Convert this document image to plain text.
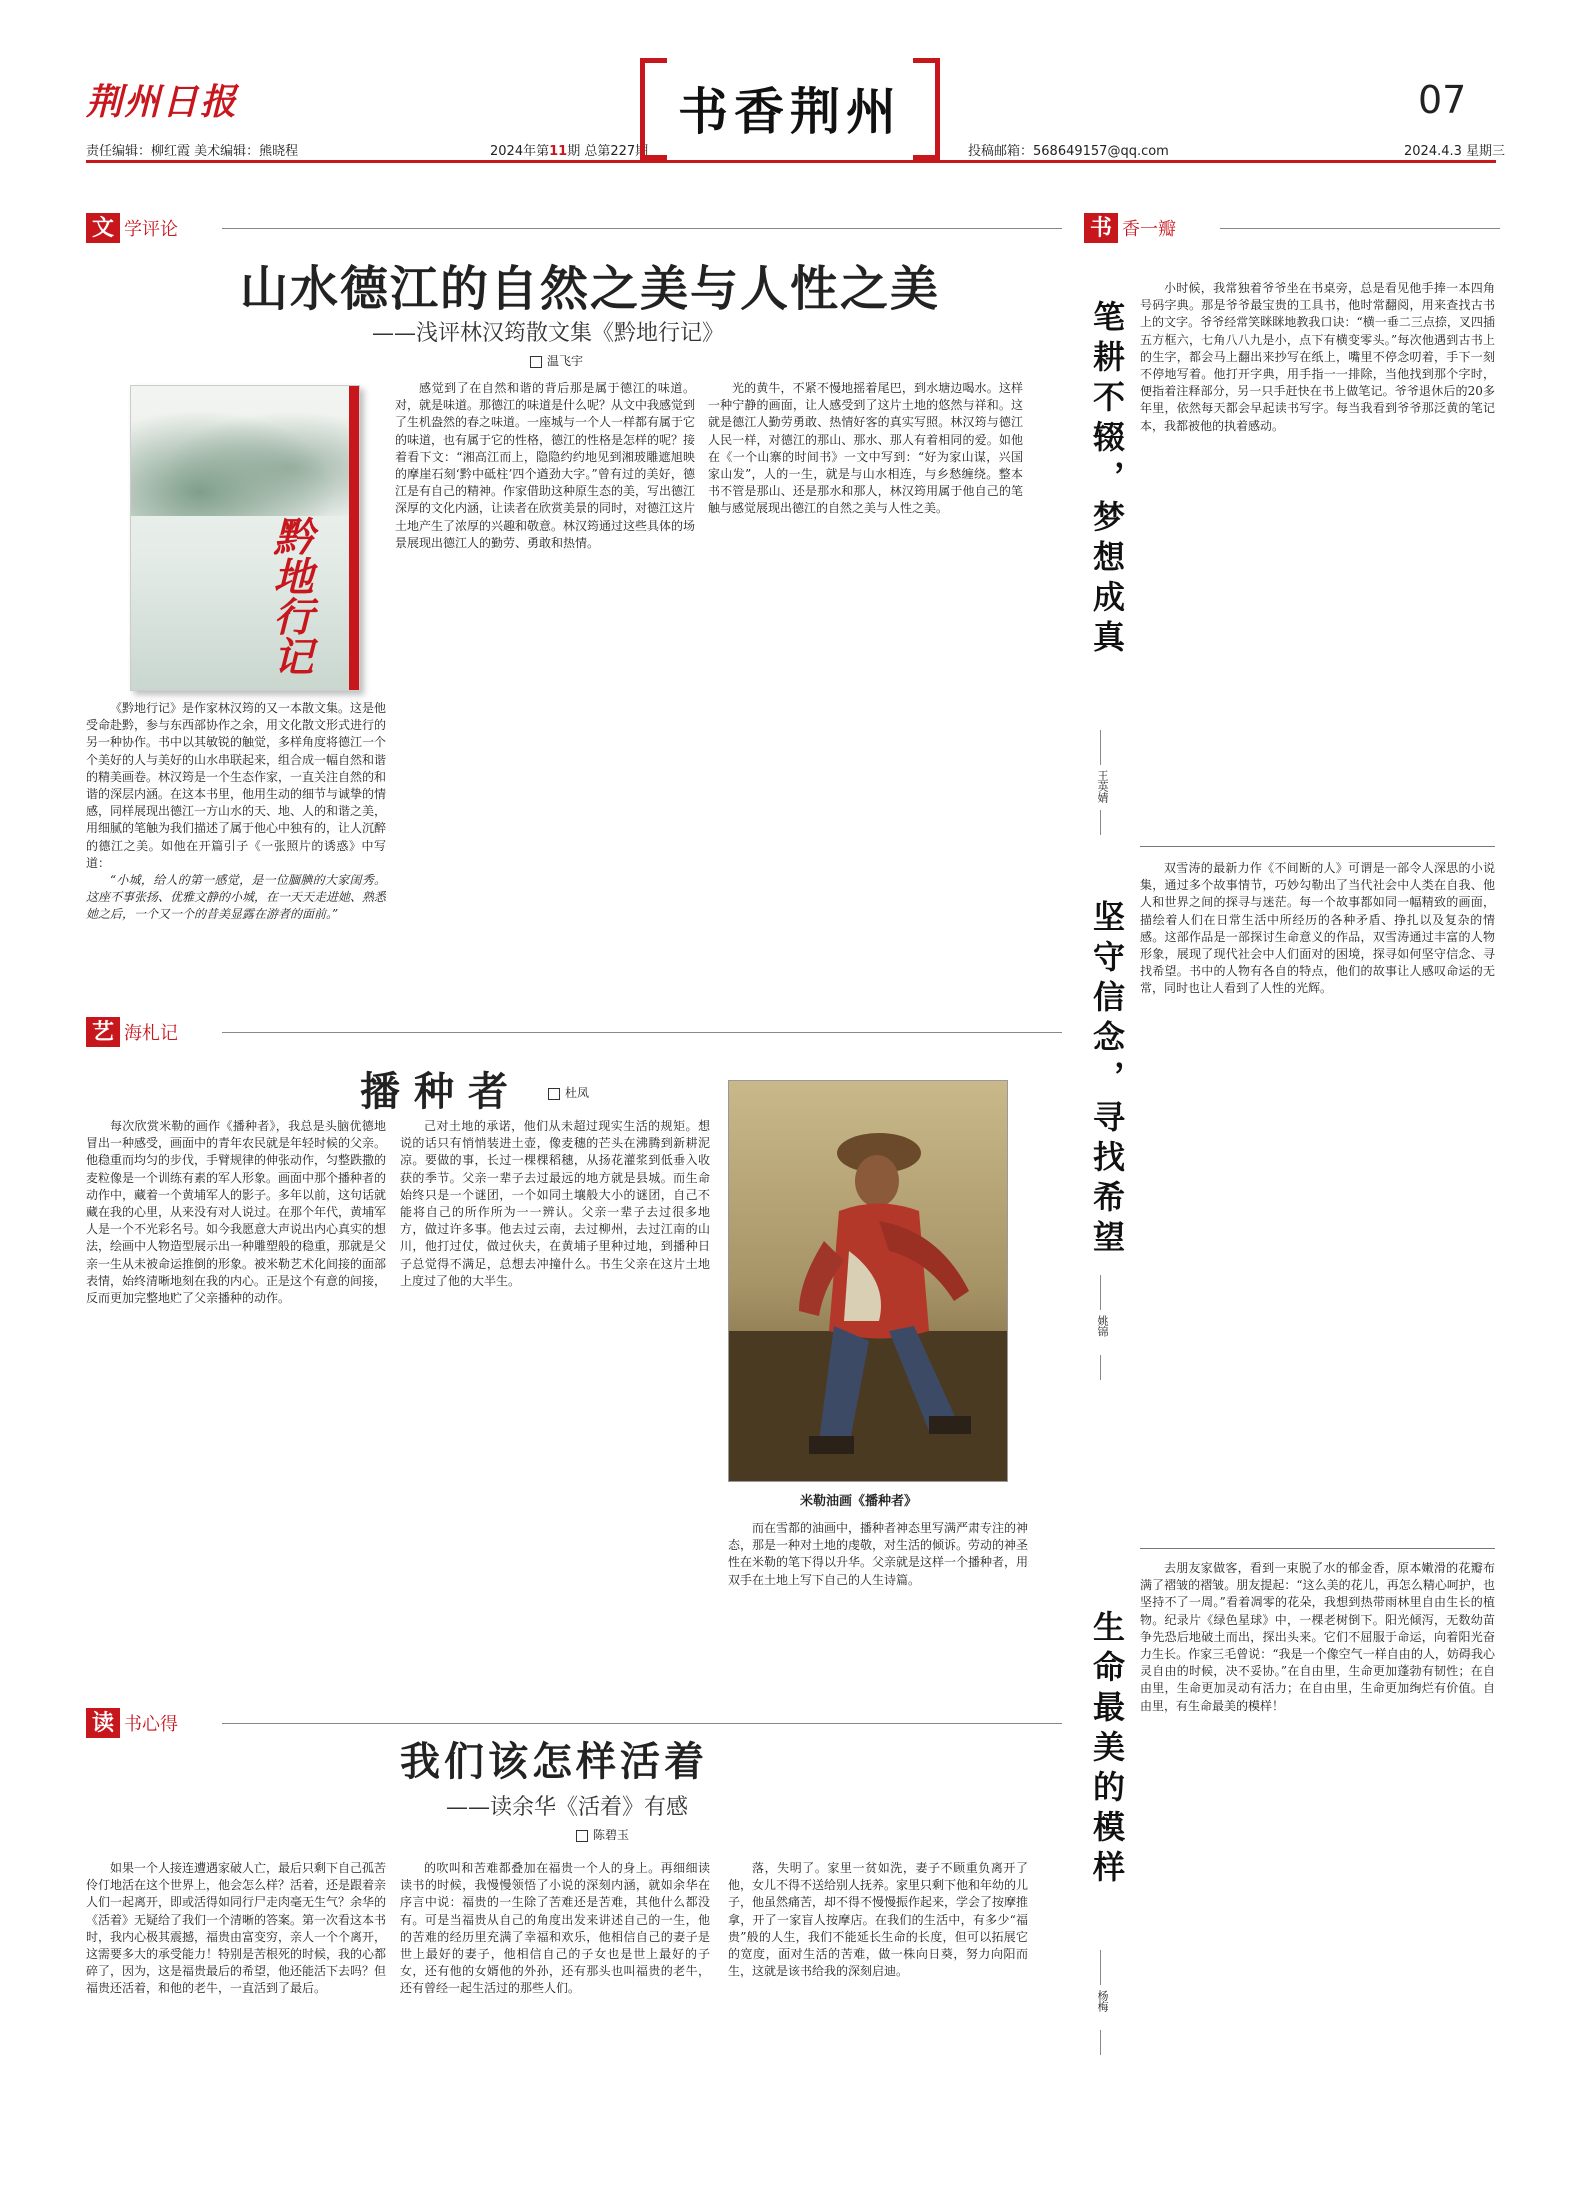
荆州日报
责任编辑：柳红霞 美术编辑：熊晓程	2024年第11期 总第227期
书香荆州
投稿邮箱：568649157@qq.com
07
2024.4.3 星期三
文 学评论
山水德江的自然之美与人性之美
——浅评林汉筠散文集《黔地行记》
温飞宇
黔地行记

《黔地行记》是作家林汉筠的又一本散文集。这是他受命赴黔，参与东西部协作之余，用文化散文形式进行的另一种协作。书中以其敏锐的触觉，多样角度将德江一个个美好的人与美好的山水串联起来，组合成一幅自然和谐的精美画卷。林汉筠是一个生态作家，一直关注自然的和谐的深层内涵。在这本书里，他用生动的细节与诚挚的情感，同样展现出德江一方山水的天、地、人的和谐之美，用细腻的笔触为我们描述了属于他心中独有的，让人沉醉的德江之美。如他在开篇引子《一张照片的诱惑》中写道：

“小城，给人的第一感觉，是一位腼腆的大家闺秀。这座不事张扬、优雅文静的小城，在一天天走进她、熟悉她之后，一个又一个的昔美显露在游者的面前。”

感觉到了在自然和谐的背后那是属于德江的味道。对，就是味道。那德江的味道是什么呢？从文中我感觉到了生机盎然的春之味道。一座城与一个人一样都有属于它的味道，也有属于它的性格，德江的性格是怎样的呢？接着看下文：“湘高江而上，隐隐约约地见到湘玻雕遮旭映的摩崖石刻‘黔中砥柱’四个遒劲大字。”曾有过的美好，德江是有自己的精神。作家借助这种原生态的美，写出德江深厚的文化内涵，让读者在欣赏美景的同时，对德江这片土地产生了浓厚的兴趣和敬意。林汉筠通过这些具体的场景展现出德江人的勤劳、勇敢和热情。

光的黄牛，不紧不慢地摇着尾巴，到水塘边喝水。这样一种宁静的画面，让人感受到了这片土地的悠然与祥和。这就是德江人勤劳勇敢、热情好客的真实写照。林汉筠与德江人民一样，对德江的那山、那水、那人有着相同的爱。如他在《一个山寨的时间书》一文中写到：“好为家山谋，兴国家山发”，人的一生，就是与山水相连，与乡愁缠绕。整本书不管是那山、还是那水和那人，林汉筠用属于他自己的笔触与感觉展现出德江的自然之美与人性之美。

书 香一瓣
笔耕不辍，梦想成真
王英婧

小时候，我常独着爷爷坐在书桌旁，总是看见他手捧一本四角号码字典。那是爷爷最宝贵的工具书，他时常翻阅，用来查找古书上的文字。爷爷经常笑眯眯地教我口诀：“横一垂二三点捺，叉四插五方框六，七角八八九是小，点下有横变零头。”每次他遇到古书上的生字，都会马上翻出来抄写在纸上，嘴里不停念叨着，手下一刻不停地写着。他打开字典，用手指一一排除，当他找到那个字时，便指着注释部分，另一只手赶快在书上做笔记。爷爷退休后的20多年里，依然每天都会早起读书写字。每当我看到爷爷那泛黄的笔记本，我都被他的执着感动。

坚守信念，寻找希望
姚锦

双雪涛的最新力作《不间断的人》可谓是一部令人深思的小说集，通过多个故事情节，巧妙勾勒出了当代社会中人类在自我、他人和世界之间的探寻与迷茫。每一个故事都如同一幅精致的画面，描绘着人们在日常生活中所经历的各种矛盾、挣扎以及复杂的情感。这部作品是一部探讨生命意义的作品，双雪涛通过丰富的人物形象，展现了现代社会中人们面对的困境，探寻如何坚守信念、寻找希望。书中的人物有各自的特点，他们的故事让人感叹命运的无常，同时也让人看到了人性的光辉。

生命最美的模样
杨梅

去朋友家做客，看到一束脱了水的郁金香，原本嫩滑的花瓣布满了褶皱的褶皱。朋友提起：“这么美的花儿，再怎么精心呵护，也坚持不了一周。”看着凋零的花朵，我想到热带雨林里自由生长的植物。纪录片《绿色星球》中，一棵老树倒下。阳光倾泻，无数幼苗争先恐后地破土而出，探出头来。它们不屈服于命运，向着阳光奋力生长。作家三毛曾说：“我是一个像空气一样自由的人，妨碍我心灵自由的时候，决不妥协。”在自由里，生命更加蓬勃有韧性；在自由里，生命更加灵动有活力；在自由里，生命更加绚烂有价值。自由里，有生命最美的模样！

艺 海札记
播种者	杜凤

每次欣赏米勒的画作《播种者》，我总是头脑优德地冒出一种感受，画面中的青年农民就是年轻时候的父亲。他稳重而均匀的步伐，手臂规律的伸张动作，匀整跌撒的麦粒像是一个训练有素的军人形象。画面中那个播种者的动作中，藏着一个黄埔军人的影子。多年以前，这句话就藏在我的心里，从来没有对人说过。在那个年代，黄埔军人是一个不光彩名号。如今我愿意大声说出内心真实的想法，绘画中人物造型展示出一种雕塑般的稳重，那就是父亲一生从未被命运推倒的形象。被米勒艺术化间接的面部表情，始终清晰地刻在我的内心。正是这个有意的间接，反而更加完整地贮了父亲播种的动作。

己对土地的承诺，他们从未超过现实生活的规矩。想说的话只有悄悄装进土壶，像麦穗的芒头在沸腾到新耕泥凉。要做的事，长过一棵棵稻穗，从扬花灌浆到低垂入收获的季节。父亲一辈子去过最远的地方就是县城。而生命始终只是一个谜团，一个如同土壤般大小的谜团，自己不能将自己的所作所为一一辨认。父亲一辈子去过很多地方，做过许多事。他去过云南，去过柳州，去过江南的山川，他打过仗，做过伙夫，在黄埔子里种过地，到播种日子总觉得不满足，总想去冲撞什么。书生父亲在这片土地上度过了他的大半生。

米勒油画《播种者》

而在雪都的油画中，播种者神态里写满严肃专注的神态，那是一种对土地的虔敬，对生活的倾诉。劳动的神圣性在米勒的笔下得以升华。父亲就是这样一个播种者，用双手在土地上写下自己的人生诗篇。

读 书心得
我们该怎样活着
——读余华《活着》有感
陈碧玉

如果一个人接连遭遇家破人亡，最后只剩下自己孤苦伶仃地活在这个世界上，他会怎么样？活着，还是跟着亲人们一起离开，即或活得如同行尸走肉毫无生气？余华的《活着》无疑给了我们一个清晰的答案。第一次看这本书时，我内心极其震撼，福贵由富变穷，亲人一个个离开，这需要多大的承受能力！特别是苦根死的时候，我的心都碎了，因为，这是福贵最后的希望，他还能活下去吗？但福贵还活着，和他的老牛，一直活到了最后。

的吹叫和苦难都叠加在福贵一个人的身上。再细细读读书的时候，我慢慢领悟了小说的深刻内涵，就如余华在序言中说：福贵的一生除了苦难还是苦难，其他什么都没有。可是当福贵从自己的角度出发来讲述自己的一生，他的苦难的经历里充满了幸福和欢乐，他相信自己的妻子是世上最好的妻子，他相信自己的子女也是世上最好的子女，还有他的女婿他的外孙，还有那头也叫福贵的老牛，还有曾经一起生活过的那些人们。

落，失明了。家里一贫如洗，妻子不顾重负离开了他，女儿不得不送给别人抚养。家里只剩下他和年幼的儿子，他虽然痛苦，却不得不慢慢振作起来，学会了按摩推拿，开了一家盲人按摩店。在我们的生活中，有多少“福贵”般的人生，我们不能延长生命的长度，但可以拓展它的宽度，面对生活的苦难，做一株向日葵，努力向阳而生，这就是该书给我的深刻启迪。
